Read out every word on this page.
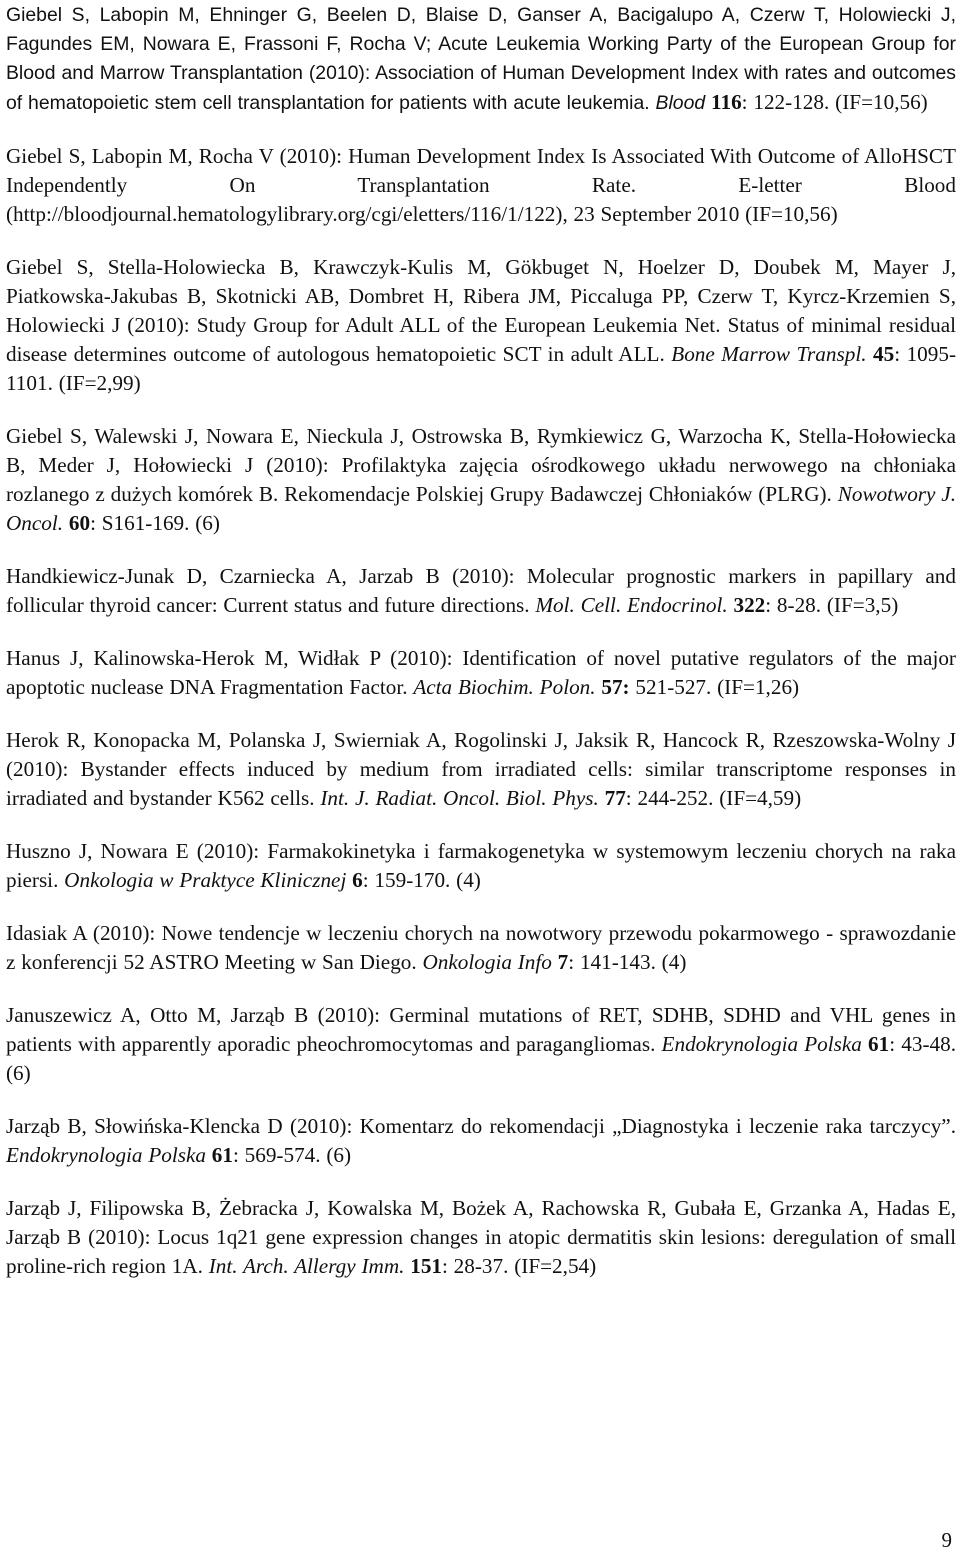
Giebel S, Labopin M, Ehninger G, Beelen D, Blaise D, Ganser A, Bacigalupo A, Czerw T, Holowiecki J, Fagundes EM, Nowara E, Frassoni F, Rocha V; Acute Leukemia Working Party of the European Group for Blood and Marrow Transplantation (2010): Association of Human Development Index with rates and outcomes of hematopoietic stem cell transplantation for patients with acute leukemia. Blood 116: 122-128. (IF=10,56)

Giebel S, Labopin M, Rocha V (2010): Human Development Index Is Associated With Outcome of AlloHSCT Independently On Transplantation Rate. E-letter Blood (http://bloodjournal.hematologylibrary.org/cgi/eletters/116/1/122), 23 September 2010 (IF=10,56)

Giebel S, Stella-Holowiecka B, Krawczyk-Kulis M, Gökbuget N, Hoelzer D, Doubek M, Mayer J, Piatkowska-Jakubas B, Skotnicki AB, Dombret H, Ribera JM, Piccaluga PP, Czerw T, Kyrcz-Krzemien S, Holowiecki J (2010): Study Group for Adult ALL of the European Leukemia Net. Status of minimal residual disease determines outcome of autologous hematopoietic SCT in adult ALL. Bone Marrow Transpl. 45: 1095-1101. (IF=2,99)

Giebel S, Walewski J, Nowara E, Nieckula J, Ostrowska B, Rymkiewicz G, Warzocha K, Stella-Hołowiecka B, Meder J, Hołowiecki J (2010): Profilaktyka zajęcia ośrodkowego układu nerwowego na chłoniaka rozlanego z dużych komórek B. Rekomendacje Polskiej Grupy Badawczej Chłoniaków (PLRG). Nowotwory J. Oncol. 60: S161-169. (6)

Handkiewicz-Junak D, Czarniecka A, Jarzab B (2010): Molecular prognostic markers in papillary and follicular thyroid cancer: Current status and future directions. Mol. Cell. Endocrinol. 322: 8-28. (IF=3,5)

Hanus J, Kalinowska-Herok M, Widłak P (2010): Identification of novel putative regulators of the major apoptotic nuclease DNA Fragmentation Factor. Acta Biochim. Polon. 57: 521-527. (IF=1,26)

Herok R, Konopacka M, Polanska J, Swierniak A, Rogolinski J, Jaksik R, Hancock R, Rzeszowska-Wolny J (2010): Bystander effects induced by medium from irradiated cells: similar transcriptome responses in irradiated and bystander K562 cells. Int. J. Radiat. Oncol. Biol. Phys. 77: 244-252. (IF=4,59)

Huszno J, Nowara E (2010): Farmakokinetyka i farmakogenetyka w systemowym leczeniu chorych na raka piersi. Onkologia w Praktyce Klinicznej 6: 159-170. (4)

Idasiak A (2010): Nowe tendencje w leczeniu chorych na nowotwory przewodu pokarmowego - sprawozdanie z konferencji 52 ASTRO Meeting w San Diego. Onkologia Info 7: 141-143. (4)

Januszewicz A, Otto M, Jarząb B (2010): Germinal mutations of RET, SDHB, SDHD and VHL genes in patients with apparently aporadic pheochromocytomas and paragangliomas. Endokrynologia Polska 61: 43-48. (6)

Jarząb B, Słowińska-Klencka D (2010): Komentarz do rekomendacji „Diagnostyka i leczenie raka tarczycy”. Endokrynologia Polska 61: 569-574. (6)

Jarząb J, Filipowska B, Żebracka J, Kowalska M, Bożek A, Rachowska R, Gubała E, Grzanka A, Hadas E, Jarząb B (2010): Locus 1q21 gene expression changes in atopic dermatitis skin lesions: deregulation of small proline-rich region 1A. Int. Arch. Allergy Imm. 151: 28-37. (IF=2,54)

9
